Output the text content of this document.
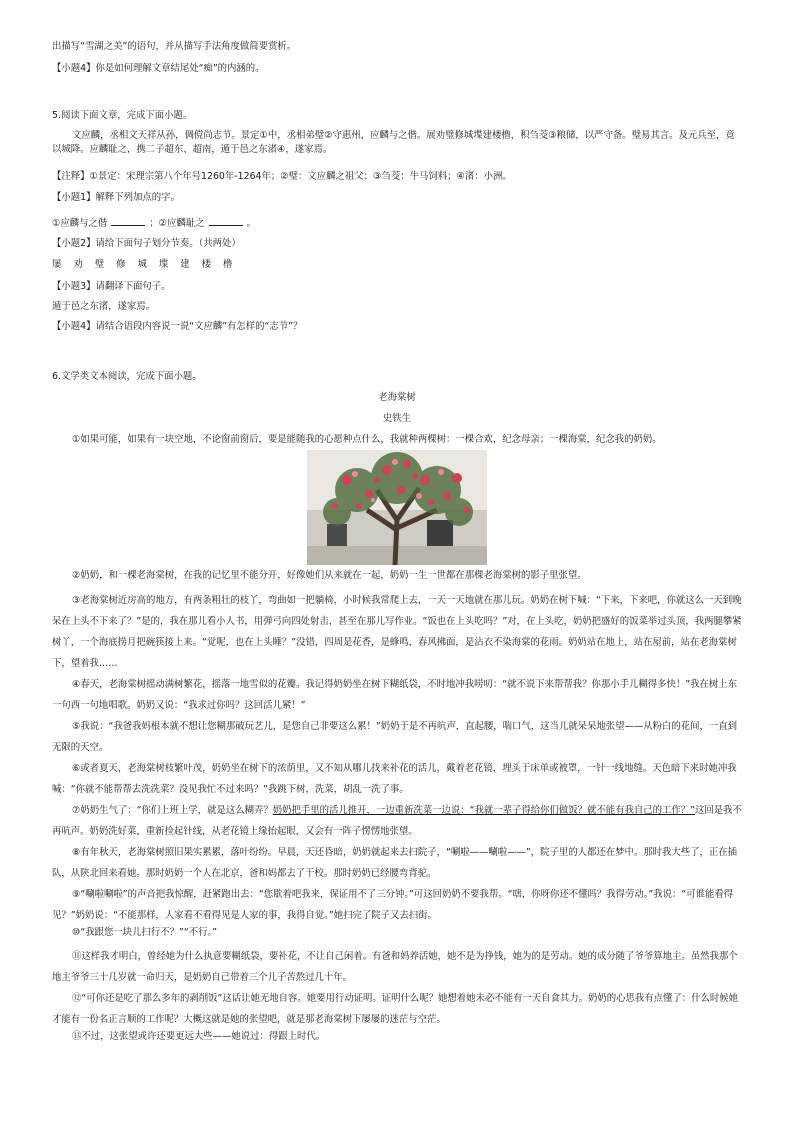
出描写“雪湖之美”的语句，并从描写手法角度做简要赏析。

【小题4】你是如何理解文章结尾处“痴”的内涵的。

5.阅读下面文章，完成下面小题。

文应麟，丞相文天祥从孙，倜傥尚志节。景定①中，丞相弟璧②守惠州，应麟与之偕。展劝璧修城堞建楼橹，积刍茭③粮储，以严守备。璧易其言。及元兵至，竟以城降。应麟耻之，携二子超东、超南，遁于邑之东渚④，遂家焉。

【注释】①景定：宋理宗第八个年号1260年-1264年；②璧：文应麟之祖父；③刍茭：牛马饲料；④渚：小洲。

【小题1】解释下列加点的字。

①应麟与之偕	；②应麟耻之	。

【小题2】请给下面句子划分节奏。（共两处）

屡劝璧修城堞建楼橹

【小题3】请翻译下面句子。

遁于邑之东渚，遂家焉。

【小题4】请结合语段内容说一说“文应麟”有怎样的“志节”？

6.文学类文本阅读，完成下面小题。

老海棠树

史铁生

①如果可能，如果有一块空地，不论窗前窗后，要是能随我的心愿种点什么，我就种两棵树：一棵合欢，纪念母亲；一棵海棠，纪念我的奶奶。

②奶奶，和一棵老海棠树，在我的记忆里不能分开，好像她们从来就在一起，奶奶一生一世都在那棵老海棠树的影子里张望。

③老海棠树近房高的地方，有两条粗壮的枝丫，弯曲如一把躺椅，小时候我常爬上去，一天一天地就在那儿玩。奶奶在树下喊：“下来，下来吧，你就这么一天到晚呆在上头不下来了？”是的，我在那儿看小人书，用弹弓向四处射击，甚至在那儿写作业。“饭也在上头吃吗？”对，在上头吃，奶奶把盛好的饭菜举过头顶，我两腿攀紧树丫，一个海底捞月把碗筷接上来。“觉呢，也在上头睡？”没错，四周是花香，是蜂鸣，春风拂面，是沾衣不染海棠的花雨。奶奶站在地上，站在屋前，站在老海棠树下，望着我……

④春天，老海棠树摇动满树繁花，摇落一地雪似的花瓣。我记得奶奶坐在树下糊纸袋，不时地冲我唠叨：“就不说下来帮帮我？你那小手儿糊得多快！”我在树上东一句西一句地唱歌。奶奶又说：“我求过你吗？这回活儿紧！”

⑤我说：“我爸我妈根本就不想让您糊那破玩艺儿，是您自己非要这么累！”奶奶于是不再吭声，直起腰，喘口气，这当儿就呆呆地张望——从粉白的花间，一直到无限的天空。

⑥或者夏天，老海棠树枝繁叶茂，奶奶坐在树下的浓荫里，又不知从哪儿找来补花的活儿，戴着老花镜，埋头于床单或被罩，一针一线地缝。天色暗下来时她冲我喊：“你就不能帮帮去洗洗菜？没见我忙不过来吗？”我跳下树，洗菜，胡乱一洗了事。

⑦奶奶生气了：“你们上班上学，就是这么糊弄？奶奶把手里的活儿推开，一边重新洗菜一边说：“我就一辈子得给你们做饭？就不能有我自己的工作？”这回是我不再吭声。奶奶洗好菜，重新捡起针线，从老花镜上缘抬起眼，又会有一阵子愣愣地张望。

⑧有年秋天，老海棠树照旧果实累累，落叶纷纷。早晨，天还昏暗，奶奶就起来去扫院子，“唰啦——唰啦——”，院子里的人都还在梦中。那时我大些了，正在插队，从陕北回来看她。那时奶奶一个人在北京，爸和妈都去了干校。那时奶奶已经腰弯背驼。

⑨“唰啦唰啦”的声音把我惊醒，赶紧跑出去：“您歇着吧我来，保证用不了三分钟。”可这回奶奶不要我帮。“嗐，你呀你还不懂吗？我得劳动。”我说：“可谁能看得见？”奶奶说：“不能那样，人家看不看得见是人家的事，我得自觉。”她扫完了院子又去扫街。

⑩“我跟您一块儿扫行不？”“不行。”

⑪这样我才明白，曾经她为什么执意要糊纸袋，要补花，不让自己闲着。有爸和妈养活她，她不是为挣钱，她为的是劳动。她的成分随了爷爷算地主。虽然我那个地主爷爷三十几岁就一命归天，是奶奶自己带着三个儿子苦熬过几十年。

⑫“可你还是吃了那么多年的剥削饭”这话让她无地自容。她要用行动证明。证明什么呢？她想着她未必不能有一天自食其力。奶奶的心思我有点懂了：什么时候她才能有一份名正言顺的工作呢？大概这就是她的张望吧，就是那老海棠树下屡屡的迷茫与空茫。

⑬不过，这张望或许还要更远大些——她说过：得跟上时代。
